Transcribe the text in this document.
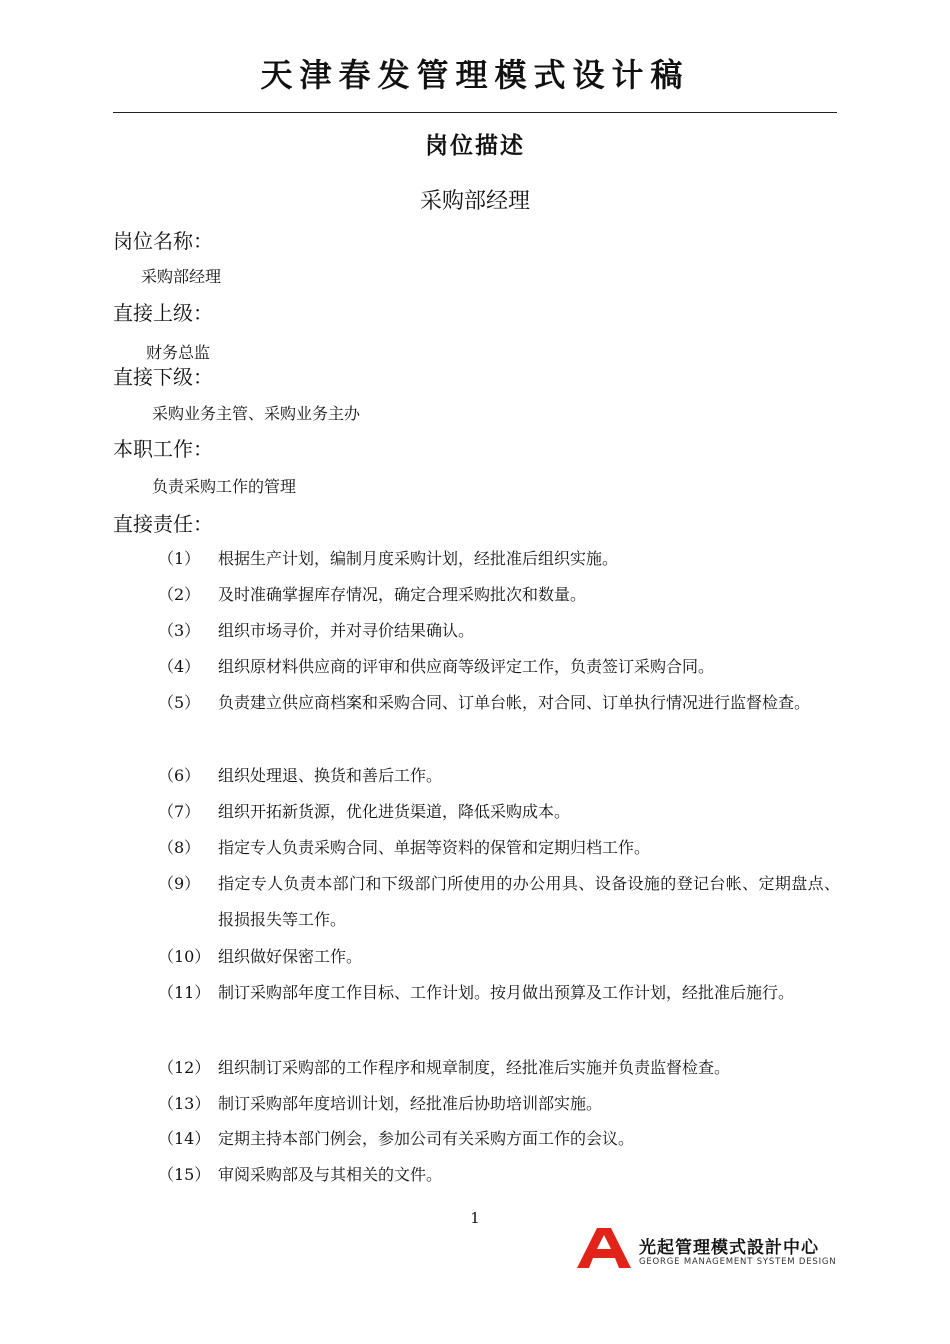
天津春发管理模式设计稿
岗位描述
采购部经理
岗位名称：
采购部经理
直接上级：
财务总监
直接下级：
采购业务主管、采购业务主办
本职工作：
负责采购工作的管理
直接责任：
（1）	根据生产计划，编制月度采购计划，经批准后组织实施。
（2）	及时准确掌握库存情况，确定合理采购批次和数量。
（3）	组织市场寻价，并对寻价结果确认。
（4）	组织原材料供应商的评审和供应商等级评定工作，负责签订采购合同。
（5）	负责建立供应商档案和采购合同、订单台帐，对合同、订单执行情况进行监督检查。
（6）	组织处理退、换货和善后工作。
（7）	组织开拓新货源，优化进货渠道，降低采购成本。
（8）	指定专人负责采购合同、单据等资料的保管和定期归档工作。
（9）	指定专人负责本部门和下级部门所使用的办公用具、设备设施的登记台帐、定期盘点、报损报失等工作。
（10） 组织做好保密工作。
（11） 制订采购部年度工作目标、工作计划。按月做出预算及工作计划，经批准后施行。
（12） 组织制订采购部的工作程序和规章制度，经批准后实施并负责监督检查。
（13） 制订采购部年度培训计划，经批准后协助培训部实施。
（14） 定期主持本部门例会，参加公司有关采购方面工作的会议。
（15） 审阅采购部及与其相关的文件。
1
光起管理模式設計中心
GEORGE MANAGEMENT SYSTEM DESIGN
